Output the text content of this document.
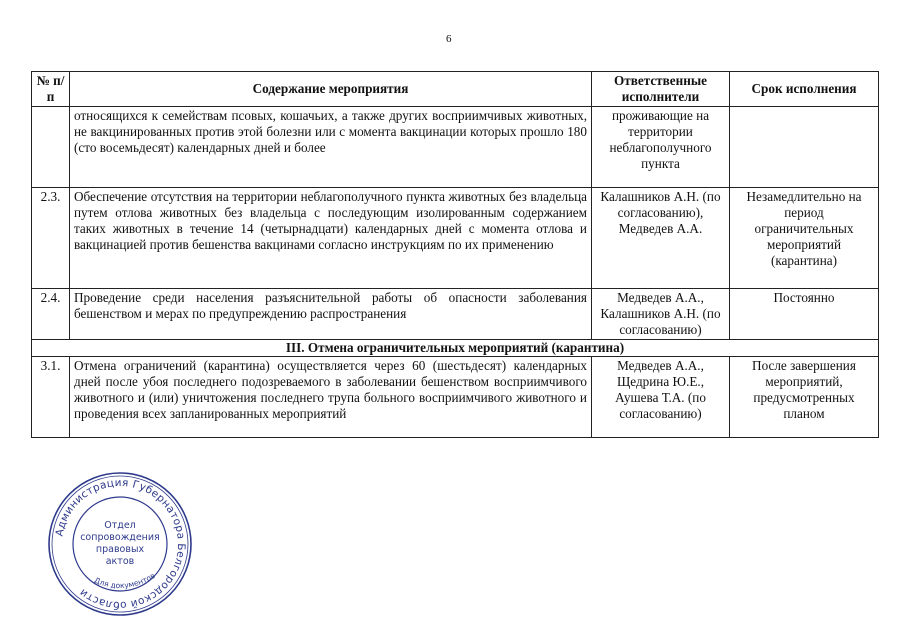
6
№ п/п	Содержание мероприятия	Ответственные исполнители	Срок исполнения
	относящихся к семействам псовых, кошачьих, а также других восприимчивых животных, не вакцинированных против этой болезни или с момента вакцинации которых прошло 180 (сто восемьдесят) календарных дней и более	проживающие на территории неблагополучного пункта	
2.3.	Обеспечение отсутствия на территории неблагополучного пункта животных без владельца путем отлова животных без владельца с последующим изолированным содержанием таких животных в течение 14 (четырнадцати) календарных дней с момента отлова и вакцинацией против бешенства вакцинами согласно инструкциям по их применению	Калашников А.Н. (по согласованию), Медведев А.А.	Незамедлительно на период ограничительных мероприятий (карантина)
2.4.	Проведение среди населения разъяснительной работы об опасности заболевания бешенством и мерах по предупреждению распространения	Медведев А.А., Калашников А.Н. (по согласованию)	Постоянно
III. Отмена ограничительных мероприятий (карантина)			
3.1.	Отмена ограничений (карантина) осуществляется через 60 (шестьдесят) календарных дней после убоя последнего подозреваемого в заболевании бешенством восприимчивого животного и (или) уничтожения последнего трупа больного восприимчивого животного и проведения всех запланированных мероприятий	Медведев А.А., Щедрина Ю.Е., Аушева Т.А. (по согласованию)	После завершения мероприятий, предусмотренных планом
Администрация Губернатора Белгородской области
Отдел
сопровождения
правовых
актов
Для документов
